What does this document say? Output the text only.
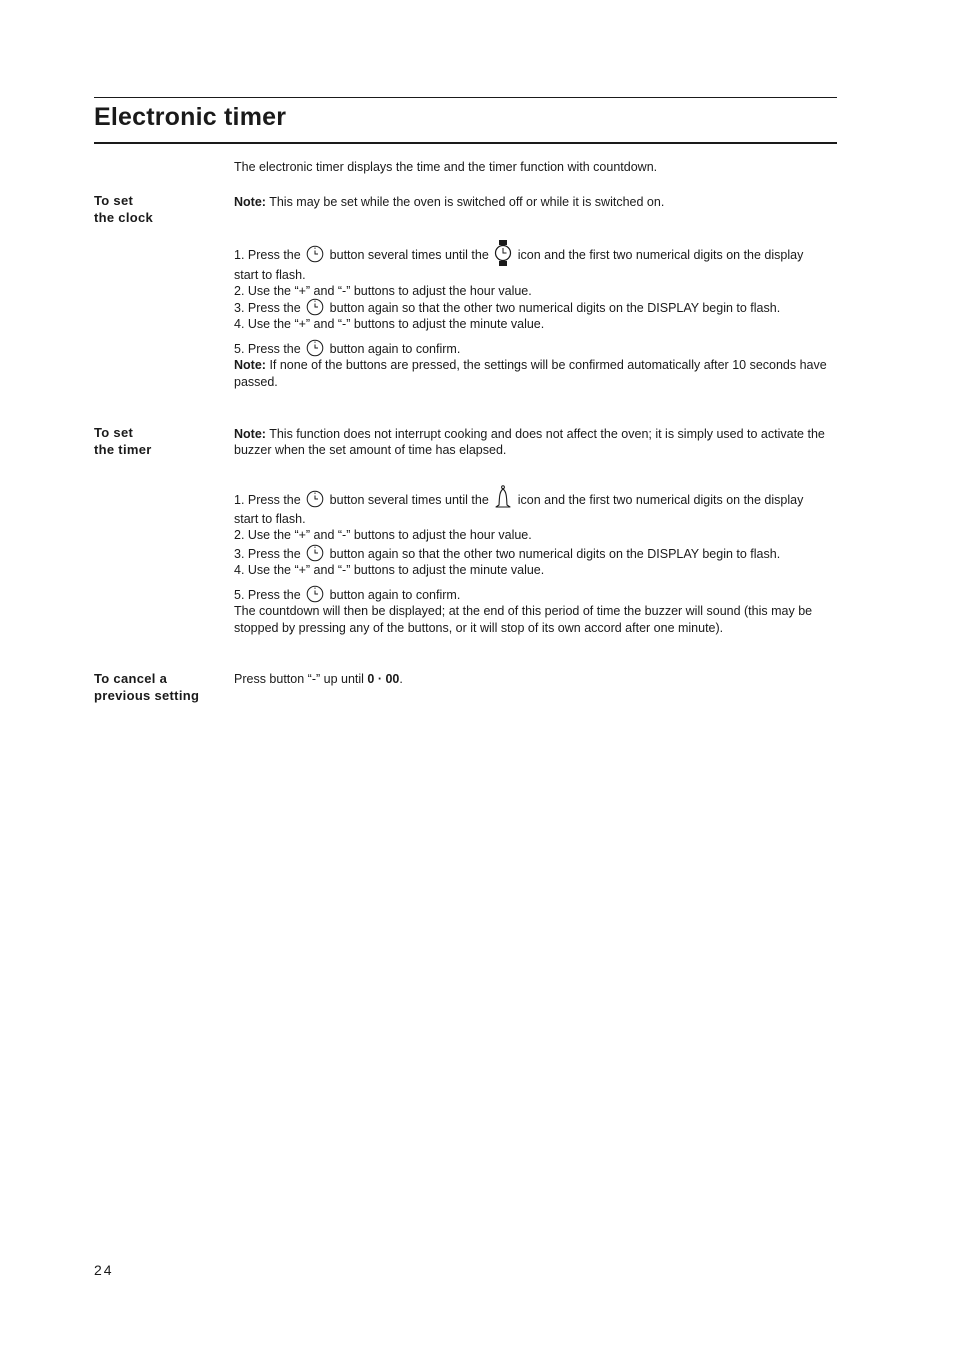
Electronic timer
The electronic timer displays the time and the timer function with countdown.
To set
the clock
Note: This may be set while the oven is switched off or while it is switched on.
1. Press the button several times until the icon and the first two numerical digits on the display
start to flash.
2. Use the “+” and “-” buttons to adjust the hour value.
3. Press the button again so that the other two numerical digits on the DISPLAY begin to flash.
4. Use the “+” and “-” buttons to adjust the minute value.
5. Press the button again to confirm.
Note: If none of the buttons are pressed, the settings will be confirmed automatically after 10 seconds have passed.
To set
the timer
Note: This function does not interrupt cooking and does not affect the oven; it is simply used to activate the buzzer when the set amount of time has elapsed.
1. Press the button several times until the icon and the first two numerical digits on the display
start to flash.
2. Use the “+” and “-” buttons to adjust the hour value.
3. Press the button again so that the other two numerical digits on the DISPLAY begin to flash.
4. Use the “+” and “-” buttons to adjust the minute value.
5. Press the button again to confirm.
The countdown will then be displayed; at the end of this period of time the buzzer will sound (this may be stopped by pressing any of the buttons, or it will stop of its own accord after one minute).
To cancel a
previous setting
Press button “-” up until 0 · 00.
24
